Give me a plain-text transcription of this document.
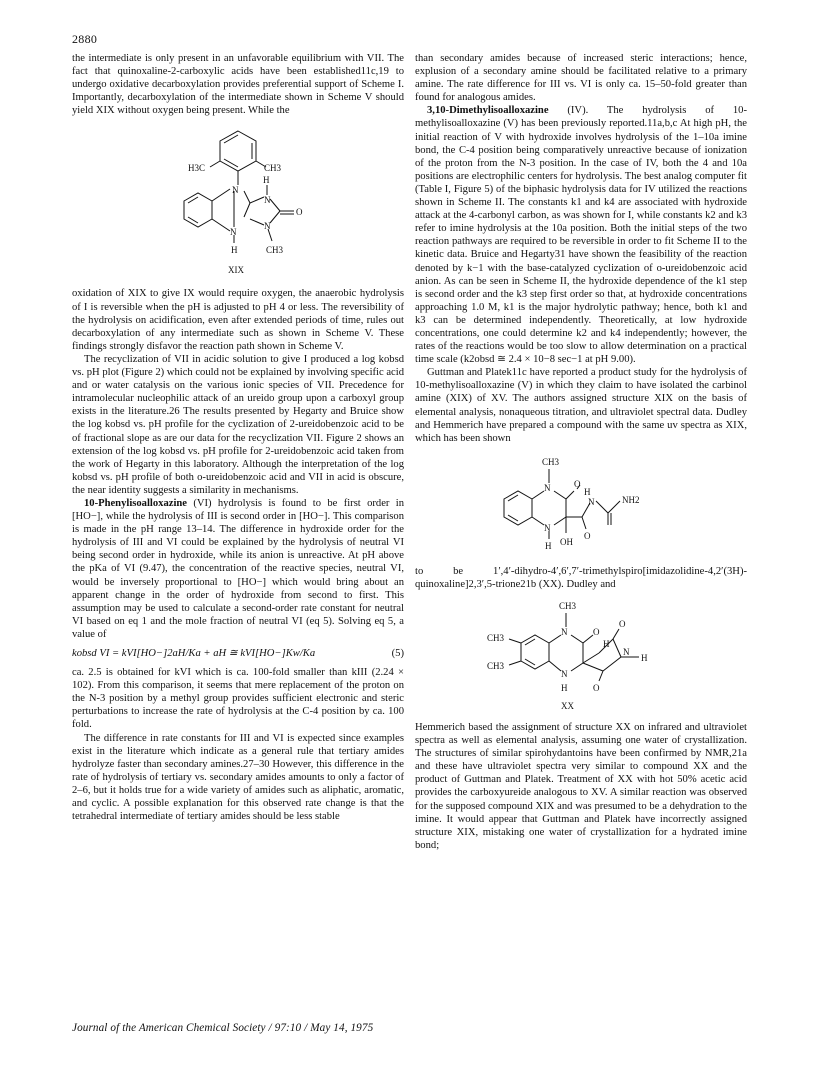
2880

the intermediate is only present in an unfavorable equilibrium with VII. The fact that quinoxaline-2-carboxylic acids have been established11c,19 to undergo oxidative decarboxylation provides preferential support of Scheme I. Importantly, decarboxylation of the intermediate shown in Scheme V should yield XIX without oxygen being present. While the

H3C	CH3
H
N
N
N
N
O
H	CH3
XIX

oxidation of XIX to give IX would require oxygen, the anaerobic hydrolysis of I is reversible when the pH is adjusted to pH 4 or less. The reversibility of the hydrolysis on acidification, even after extended periods of time, rules out decarboxylation of any intermediate such as shown in Scheme V. These findings strongly disfavor the reaction path shown in Scheme V.

The recyclization of VII in acidic solution to give I produced a log kobsd vs. pH plot (Figure 2) which could not be explained by involving specific acid and or water catalysis on the various ionic species of VII. Precedence for intramolecular nucleophilic attack of an ureido group upon a carboxyl group exists in the literature.26 The results presented by Hegarty and Bruice show the log kobsd vs. pH profile for the cyclization of 2-ureidobenzoic acid to be of fractional slope as are our data for the recyclization VII. Figure 2 shows an extension of the log kobsd vs. pH profile for 2-ureidobenzoic acid taken from the work of Hegarty in this laboratory. Although the interpretation of the log kobsd vs. pH profile of both o-ureidobenzoic acid and VII in acid is obscure, the near identity suggests a similarity in mechanisms.

10-Phenylisoalloxazine (VI) hydrolysis is found to be first order in [HO−], while the hydrolysis of III is second order in [HO−]. This comparison is made in the pH range 13–14. The difference in hydroxide order for the hydrolysis of III and VI could be explained by the hydrolysis of neutral VI being second order in hydroxide, while its anion is unreactive. At pH above the pKa of VI (9.47), the concentration of the reactive species, neutral VI, would be inversely proportional to [HO−] which would bring about an apparent change in the order of hydroxide from second to first. This assumption may be used to calculate a second-order rate constant for neutral VI based on eq 1 and the mole fraction of neutral VI (eq 5). Solving eq 5, a value of

kobsd VI = kVI[HO−]2aH/Ka + aH ≅ kVI[HO−]Kw/Ka	(5)

ca. 2.5 is obtained for kVI which is ca. 100-fold smaller than kIII (2.24 × 102). From this comparison, it seems that mere replacement of the proton on the N-3 position by a methyl group provides sufficient electronic and steric perturbations to increase the rate of hydrolysis at the C-4 position by ca. 100 fold.

The difference in rate constants for III and VI is expected since examples exist in the literature which indicate as a general rule that tertiary amides hydrolyze faster than secondary amines.27–30 However, this difference in the rate of hydrolysis of tertiary vs. secondary amides amounts to only a factor of 2–6, but it holds true for a wide variety of amides such as aliphatic, aromatic, and cyclic. A possible explanation for this observed rate change is that the tetrahedral intermediate of tertiary amides should be less stable

than secondary amides because of increased steric interactions; hence, explusion of a secondary amine should be facilitated relative to a primary amine. The rate difference for III vs. VI is only ca. 15–50-fold greater than found for analogous amides.

3,10-Dimethylisoalloxazine (IV). The hydrolysis of 10-methylisoalloxazine (V) has been previously reported.11a,b,c At high pH, the initial reaction of V with hydroxide involves hydrolysis of the 1–10a imine bond, the C-4 position being comparatively unreactive because of ionization of the proton from the N-3 position. In the case of IV, both the 4 and 10a positions are electrophilic centers for hydrolysis. The best analog computer fit (Table I, Figure 5) of the biphasic hydrolysis data for IV utilized the reactions shown in Scheme II. The constants k1 and k4 are associated with hydroxide attack at the 4-carbonyl carbon, as was shown for I, while constants k2 and k3 refer to imine hydrolysis at the 10a position. Both the initial steps of the two reaction pathways are required to be reversible in order to fit Scheme II to the kinetic data. Bruice and Hegarty31 have shown the feasibility of the reaction denoted by k−1 with the base-catalyzed cyclization of o-ureidobenzoic acid anion. As can be seen in Scheme II, the hydroxide dependence of the k1 step is second order and the k3 step first order so that, at hydroxide concentrations approaching 1.0 M, k1 is the major hydrolytic pathway; hence, both k1 and k3 can be determined independently. Theoretically, at low hydroxide concentrations, one could determine k2 and k4 independently; however, the rates of the reactions would be too slow to allow determination on a practical time scale (k2obsd ≅ 2.4 × 10−8 sec−1 at pH 9.00).

Guttman and Platek11c have reported a product study for the hydrolysis of 10-methylisoalloxazine (V) in which they claim to have isolated the carbinol amine (XIX) of XV. The authors assigned structure XIX on the basis of elemental analysis, nonaqueous titration, and ultraviolet spectral data. Dudley and Hemmerich have prepared a compound with the same uv spectra as XIX, which has been shown

CH3
N	O
H
N	NH2
O
N
H OH

to be 1′,4′-dihydro-4′,6′,7′-trimethylspiro[imidazolidine-4,2′(3H)-quinoxaline]2,3′,5-trione21b (XX). Dudley and

CH3
CH3
CH3
N	O
H
O
N
N
H
H	O
XX

Hemmerich based the assignment of structure XX on infrared and ultraviolet spectra as well as elemental analysis, assuming one water of crystallization. The structures of similar spirohydantoins have been confirmed by NMR,21a and these have ultraviolet spectra very similar to compound XX and the product of Guttman and Platek. Treatment of XX with hot 50% acetic acid provides the carboxyureide analogous to XV. A similar reaction was observed for the supposed compound XIX and was presumed to be a dehydration to the imine. It would appear that Guttman and Platek have incorrectly assigned structure XIX, mistaking one water of crystallization for a hydrated imine bond;

Journal of the American Chemical Society / 97:10 / May 14, 1975
